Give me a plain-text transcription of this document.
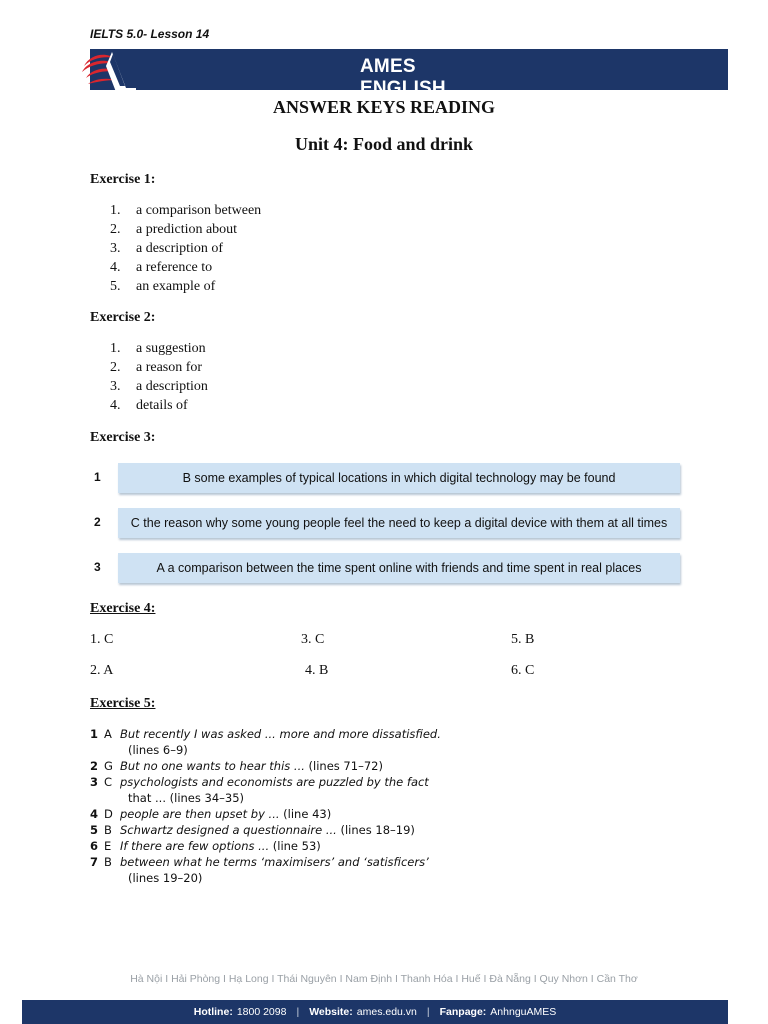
IELTS 5.0- Lesson 14
AMES ENGLISH
ANSWER KEYS READING
Unit 4: Food and drink
Exercise 1:
1.	a comparison between
2.	a prediction about
3.	a description of
4.	a reference to
5.	an example of
Exercise 2:
1.	a suggestion
2.	a reason for
3.	a description
4.	details of
Exercise 3:
1	B some examples of typical locations in which digital technology may be found
2	C the reason why some young people feel the need to keep a digital device with them at all times
3	A a comparison between the time spent online with friends and time spent in real places
Exercise 4:
1. C	3. C	5. B
2. A	4. B	6. C
Exercise 5:
1 A But recently I was asked ... more and more dissatisfied.
(lines 6–9)
2 G But no one wants to hear this ... (lines 71–72)
3 C psychologists and economists are puzzled by the fact
that ... (lines 34–35)
4 D people are then upset by ... (line 43)
5 B Schwartz designed a questionnaire ... (lines 18–19)
6 E If there are few options ... (line 53)
7 B between what he terms ‘maximisers’ and ‘satisficers’
(lines 19–20)
Hà Nội I Hải Phòng I Hạ Long I Thái Nguyên I Nam Định I Thanh Hóa I Huế I Đà Nẵng I Quy Nhơn I Cần Thơ
Hotline: 1800 2098 | Website: ames.edu.vn | Fanpage: AnhnguAMES
